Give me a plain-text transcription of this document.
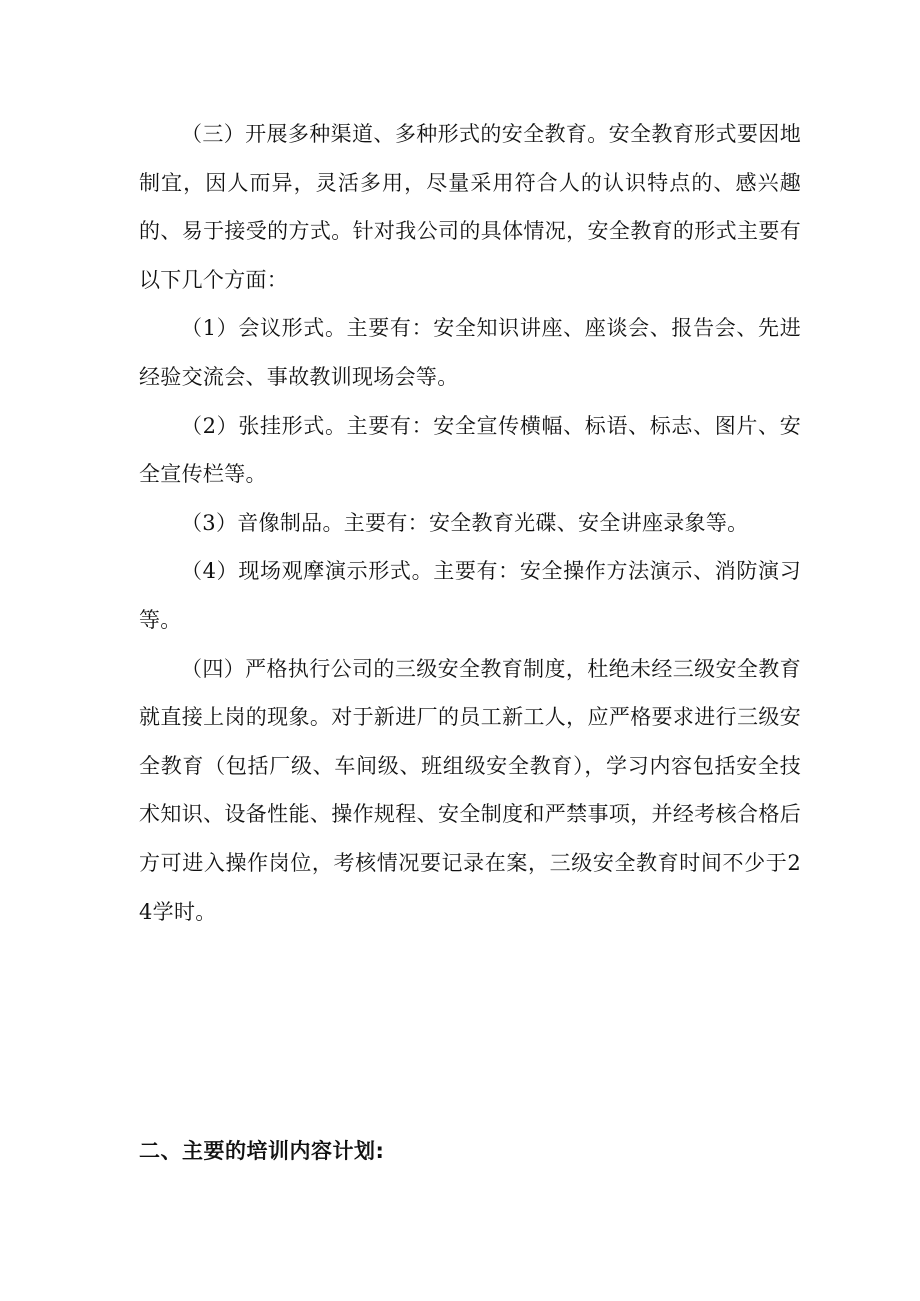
（三）开展多种渠道、多种形式的安全教育。安全教育形式要因地制宜，因人而异，灵活多用，尽量采用符合人的认识特点的、感兴趣的、易于接受的方式。针对我公司的具体情况，安全教育的形式主要有以下几个方面：

（1）会议形式。主要有：安全知识讲座、座谈会、报告会、先进经验交流会、事故教训现场会等。

（2）张挂形式。主要有：安全宣传横幅、标语、标志、图片、安全宣传栏等。

（3）音像制品。主要有：安全教育光碟、安全讲座录象等。

（4）现场观摩演示形式。主要有：安全操作方法演示、消防演习等。

（四）严格执行公司的三级安全教育制度，杜绝未经三级安全教育就直接上岗的现象。对于新进厂的员工新工人，应严格要求进行三级安全教育（包括厂级、车间级、班组级安全教育），学习内容包括安全技术知识、设备性能、操作规程、安全制度和严禁事项，并经考核合格后方可进入操作岗位，考核情况要记录在案，三级安全教育时间不少于24学时。

二、主要的培训内容计划:
